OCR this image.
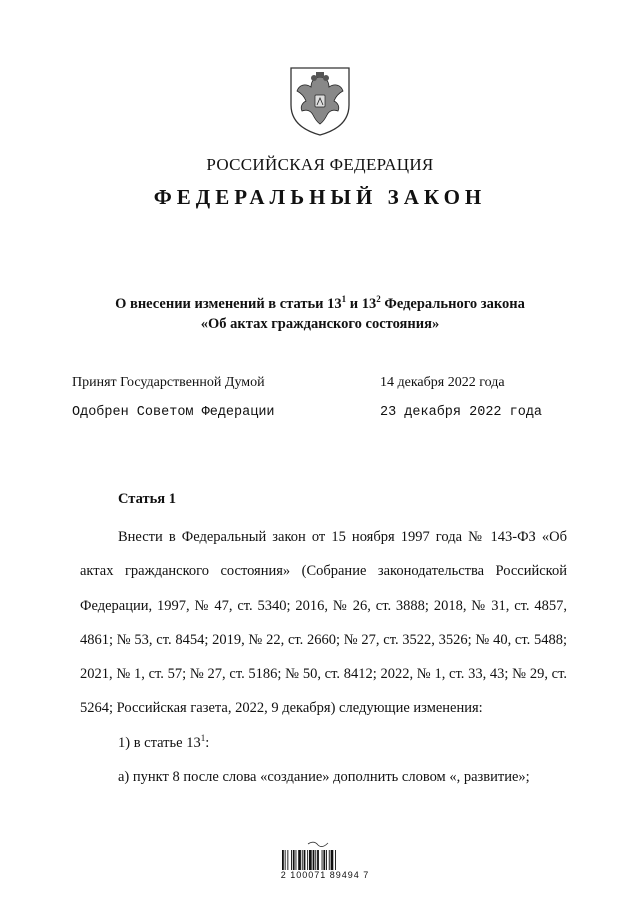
РОССИЙСКАЯ ФЕДЕРАЦИЯ
ФЕДЕРАЛЬНЫЙ ЗАКОН
О внесении изменений в статьи $13^1$ и $13^2$ Федерального закона
«Об актах гражданского состояния»
Принят Государственной Думой	14 декабря 2022 года
Одобрен Советом Федерации	23 декабря 2022 года
Статья 1

Внести в Федеральный закон от 15 ноября 1997 года № 143-ФЗ «Об актах гражданского состояния» (Собрание законодательства Российской Федерации, 1997, № 47, ст. 5340; 2016, № 26, ст. 3888; 2018, № 31, ст. 4857, 4861; № 53, ст. 8454; 2019, № 22, ст. 2660; № 27, ст. 3522, 3526; № 40, ст. 5488; 2021, № 1, ст. 57; № 27, ст. 5186; № 50, ст. 8412; 2022, № 1, ст. 33, 43; № 29, ст. 5264; Российская газета, 2022, 9 декабря) следующие изменения:

1) в статье $13^1$:

а) пункт 8 после слова «создание» дополнить словом «, развитие»;

2 100071 89494 7
